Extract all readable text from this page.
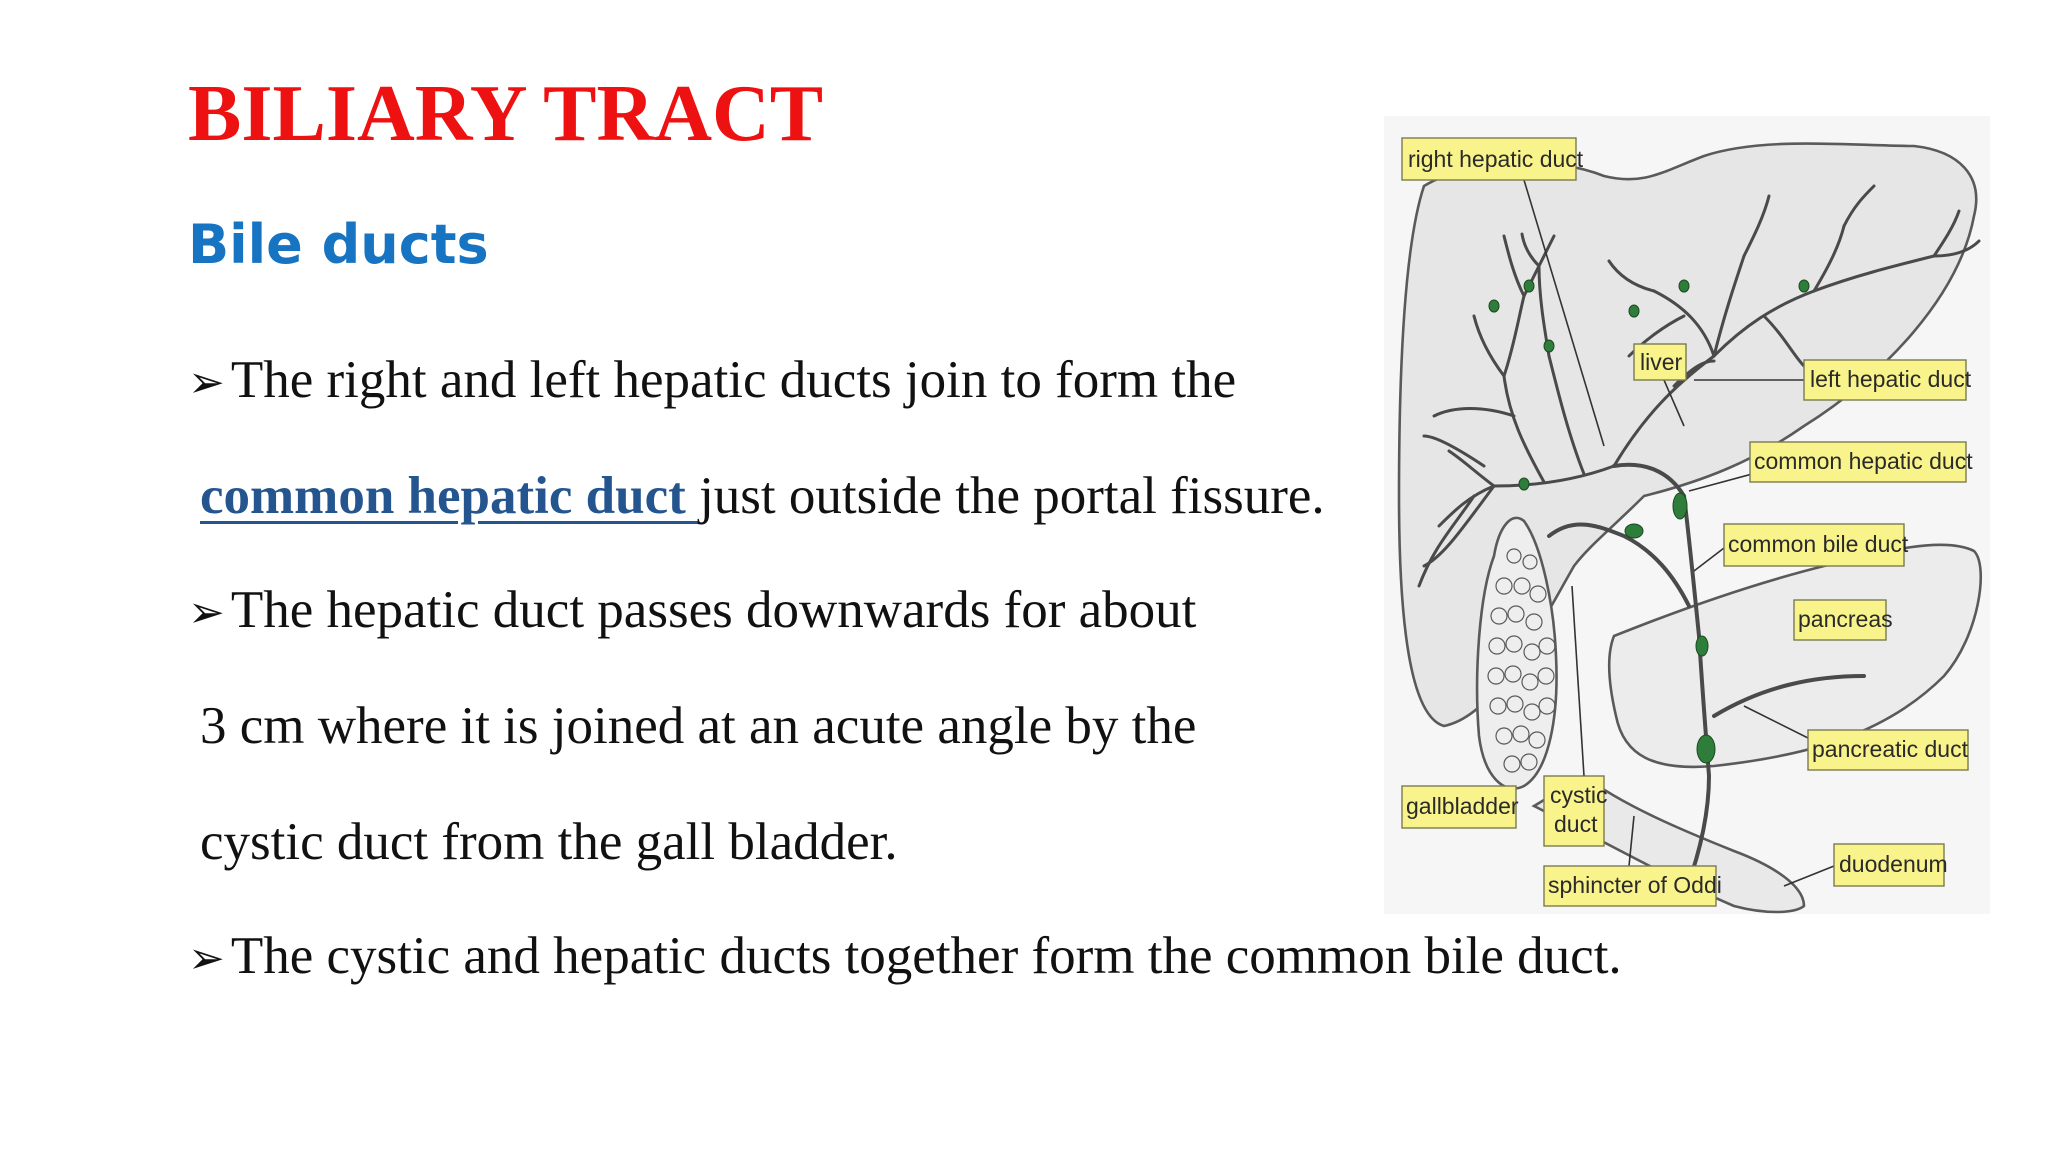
BILIARY TRACT
Bile ducts
➢ The right and left hepatic ducts join to form the
common hepatic duct just outside the portal fissure.
➢ The hepatic duct passes downwards for about
3 cm where it is joined at an acute angle by the
cystic duct from the gall bladder.
➢ The cystic and hepatic ducts together form the common bile duct.
right hepatic duct
liver
left hepatic duct
common hepatic duct
common bile duct
pancreas
pancreatic duct
gallbladder cystic
duct
sphincter of Oddi
duodenum
